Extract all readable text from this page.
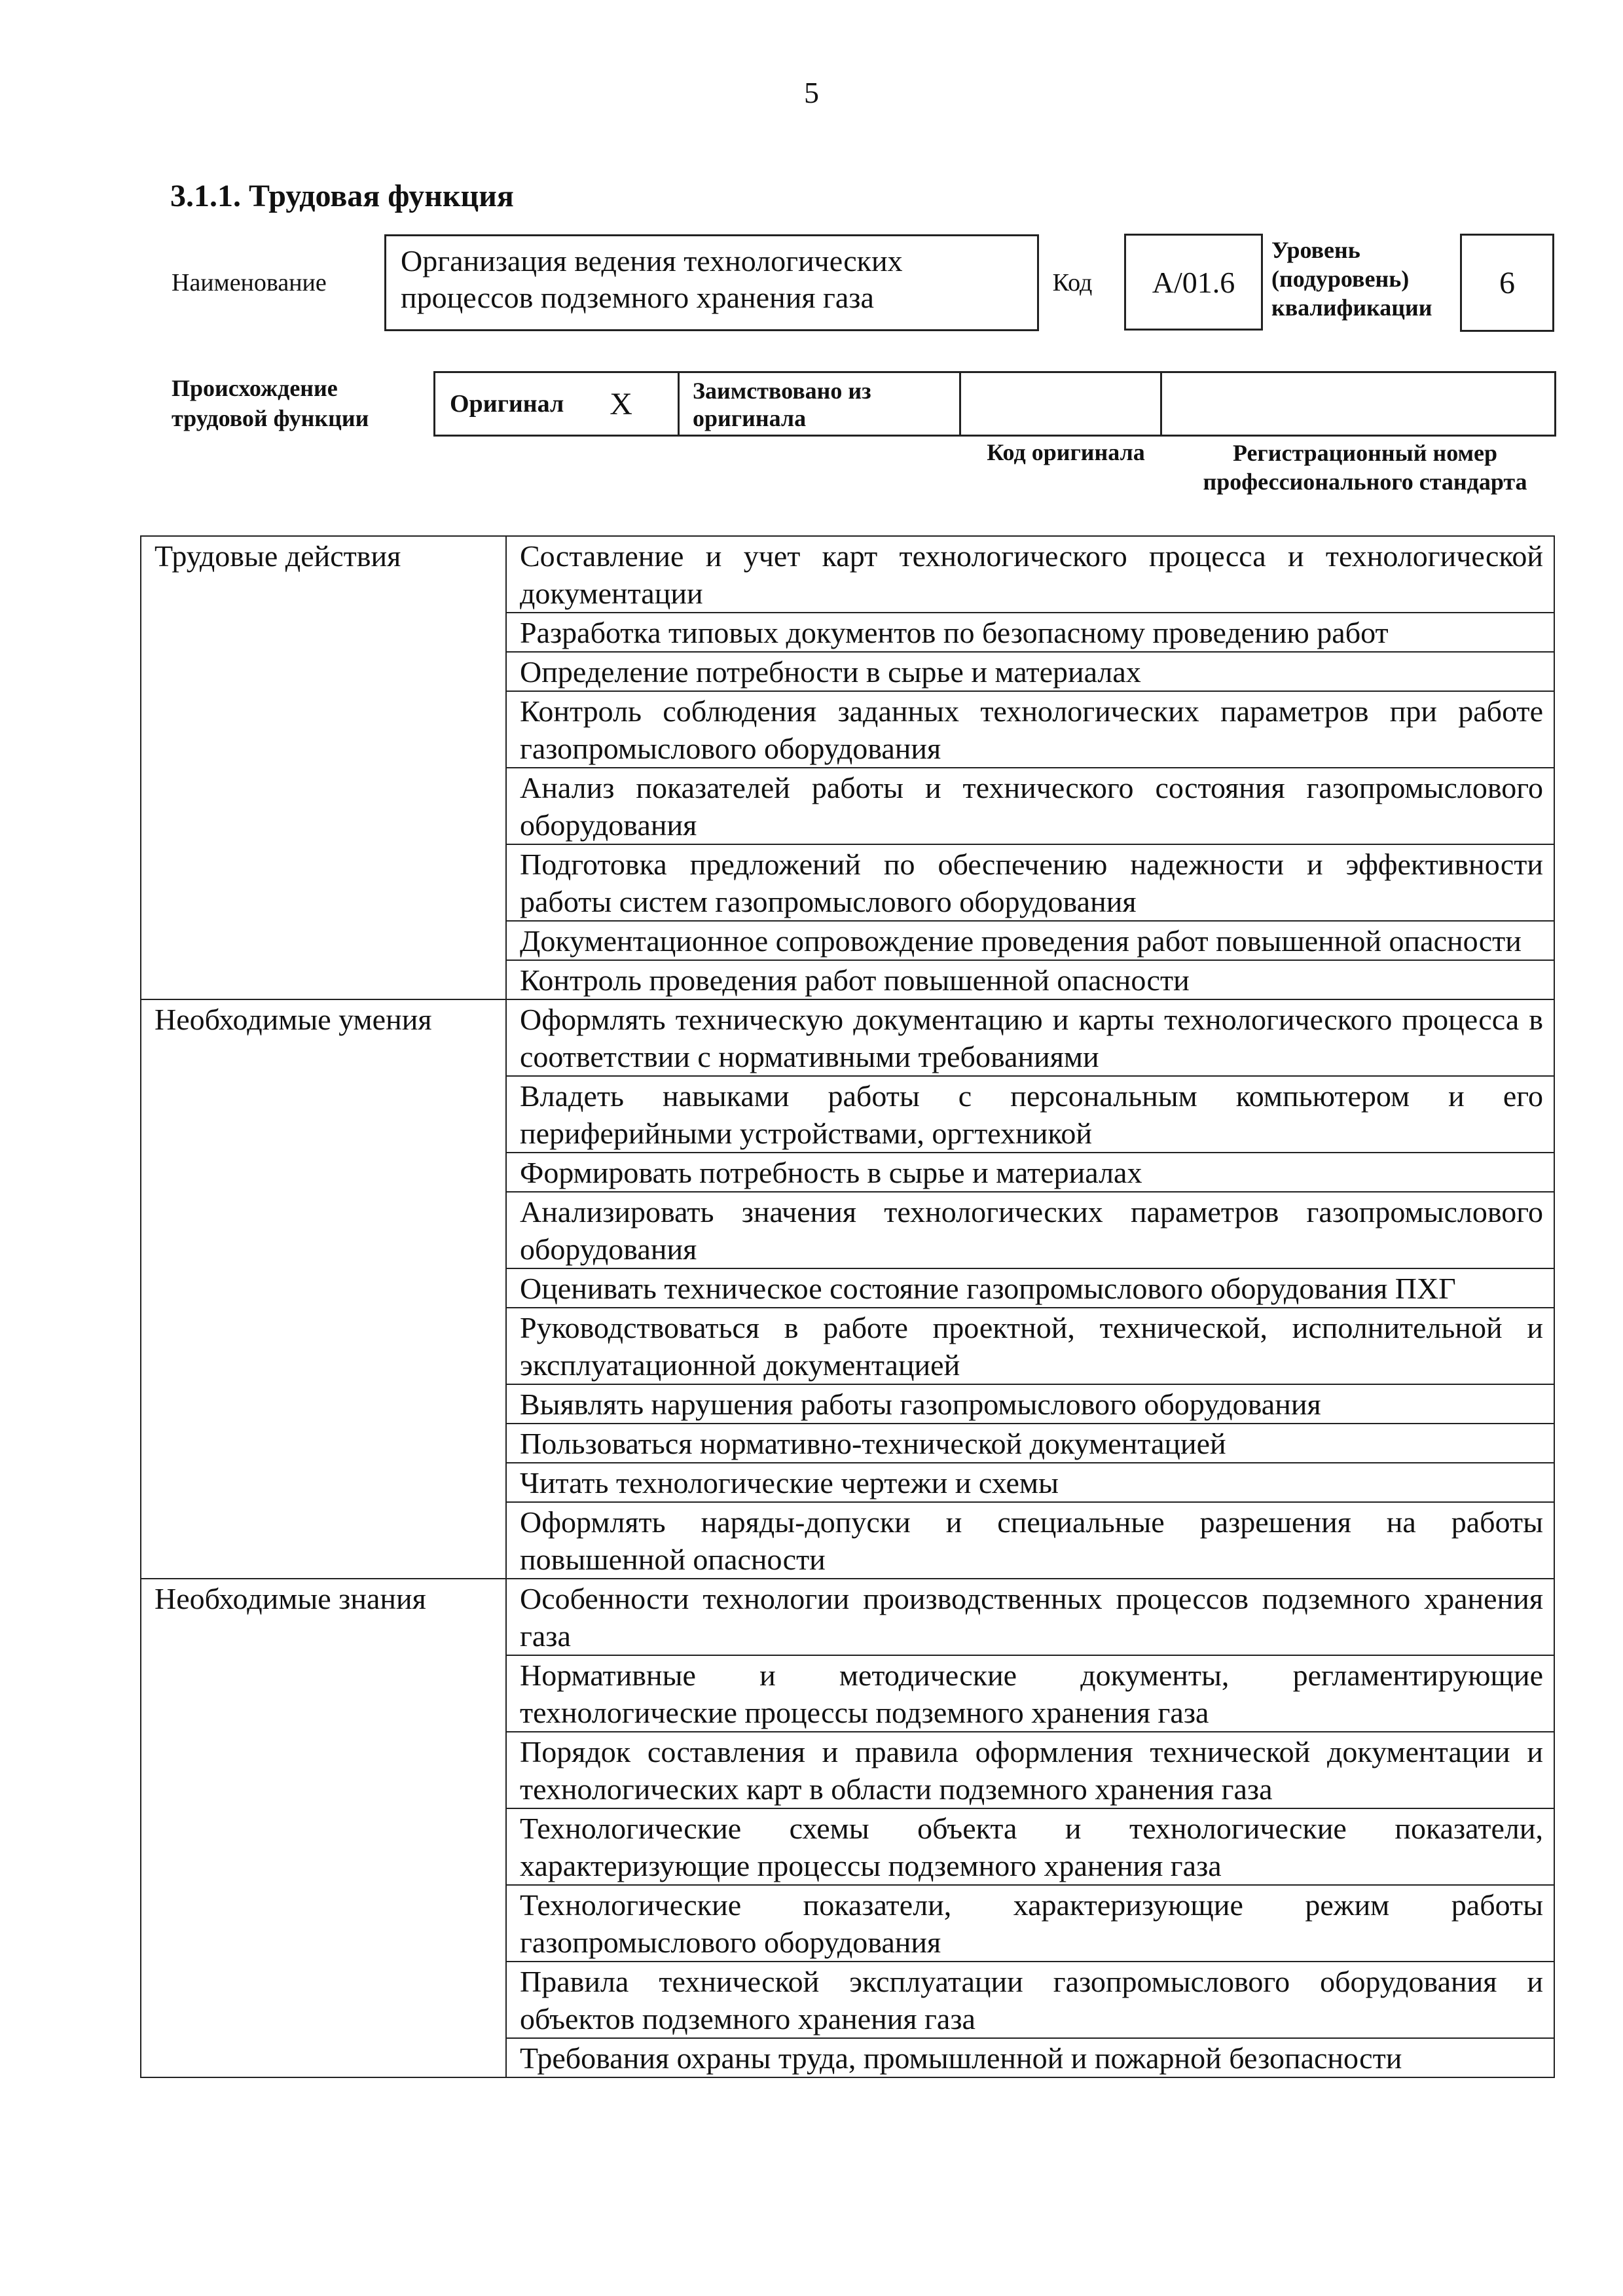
5
3.1.1. Трудовая функция
Наименование
Организация ведения технологических процессов подземного хранения газа	Код	А/01.6
Уровень
(подуровень)
квалификации
6
Происхождение
трудовой функции
Оригинал X	Заимствовано из
оригинала
Код оригинала	Регистрационный номер
профессионального стандарта
Трудовые действия	Составление и учет карт технологического процесса и технологической документации
	Разработка типовых документов по безопасному проведению работ
	Определение потребности в сырье и материалах
	Контроль соблюдения заданных технологических параметров при работе газопромыслового оборудования
	Анализ показателей работы и технического состояния газопромыслового оборудования
	Подготовка предложений по обеспечению надежности и эффективности работы систем газопромыслового оборудования
	Документационное сопровождение проведения работ повышенной опасности
	Контроль проведения работ повышенной опасности
Необходимые умения	Оформлять техническую документацию и карты технологического процесса в соответствии с нормативными требованиями
	Владеть навыками работы с персональным компьютером и его периферийными устройствами, оргтехникой
	Формировать потребность в сырье и материалах
	Анализировать значения технологических параметров газопромыслового оборудования
	Оценивать техническое состояние газопромыслового оборудования ПХГ
	Руководствоваться в работе проектной, технической, исполнительной и эксплуатационной документацией
	Выявлять нарушения работы газопромыслового оборудования
	Пользоваться нормативно-технической документацией
	Читать технологические чертежи и схемы
	Оформлять наряды-допуски и специальные разрешения на работы повышенной опасности
Необходимые знания	Особенности технологии производственных процессов подземного хранения газа
	Нормативные и методические документы, регламентирующие технологические процессы подземного хранения газа
	Порядок составления и правила оформления технической документации и технологических карт в области подземного хранения газа
	Технологические схемы объекта и технологические показатели, характеризующие процессы подземного хранения газа
	Технологические показатели, характеризующие режим работы газопромыслового оборудования
	Правила технической эксплуатации газопромыслового оборудования и объектов подземного хранения газа
	Требования охраны труда, промышленной и пожарной безопасности
